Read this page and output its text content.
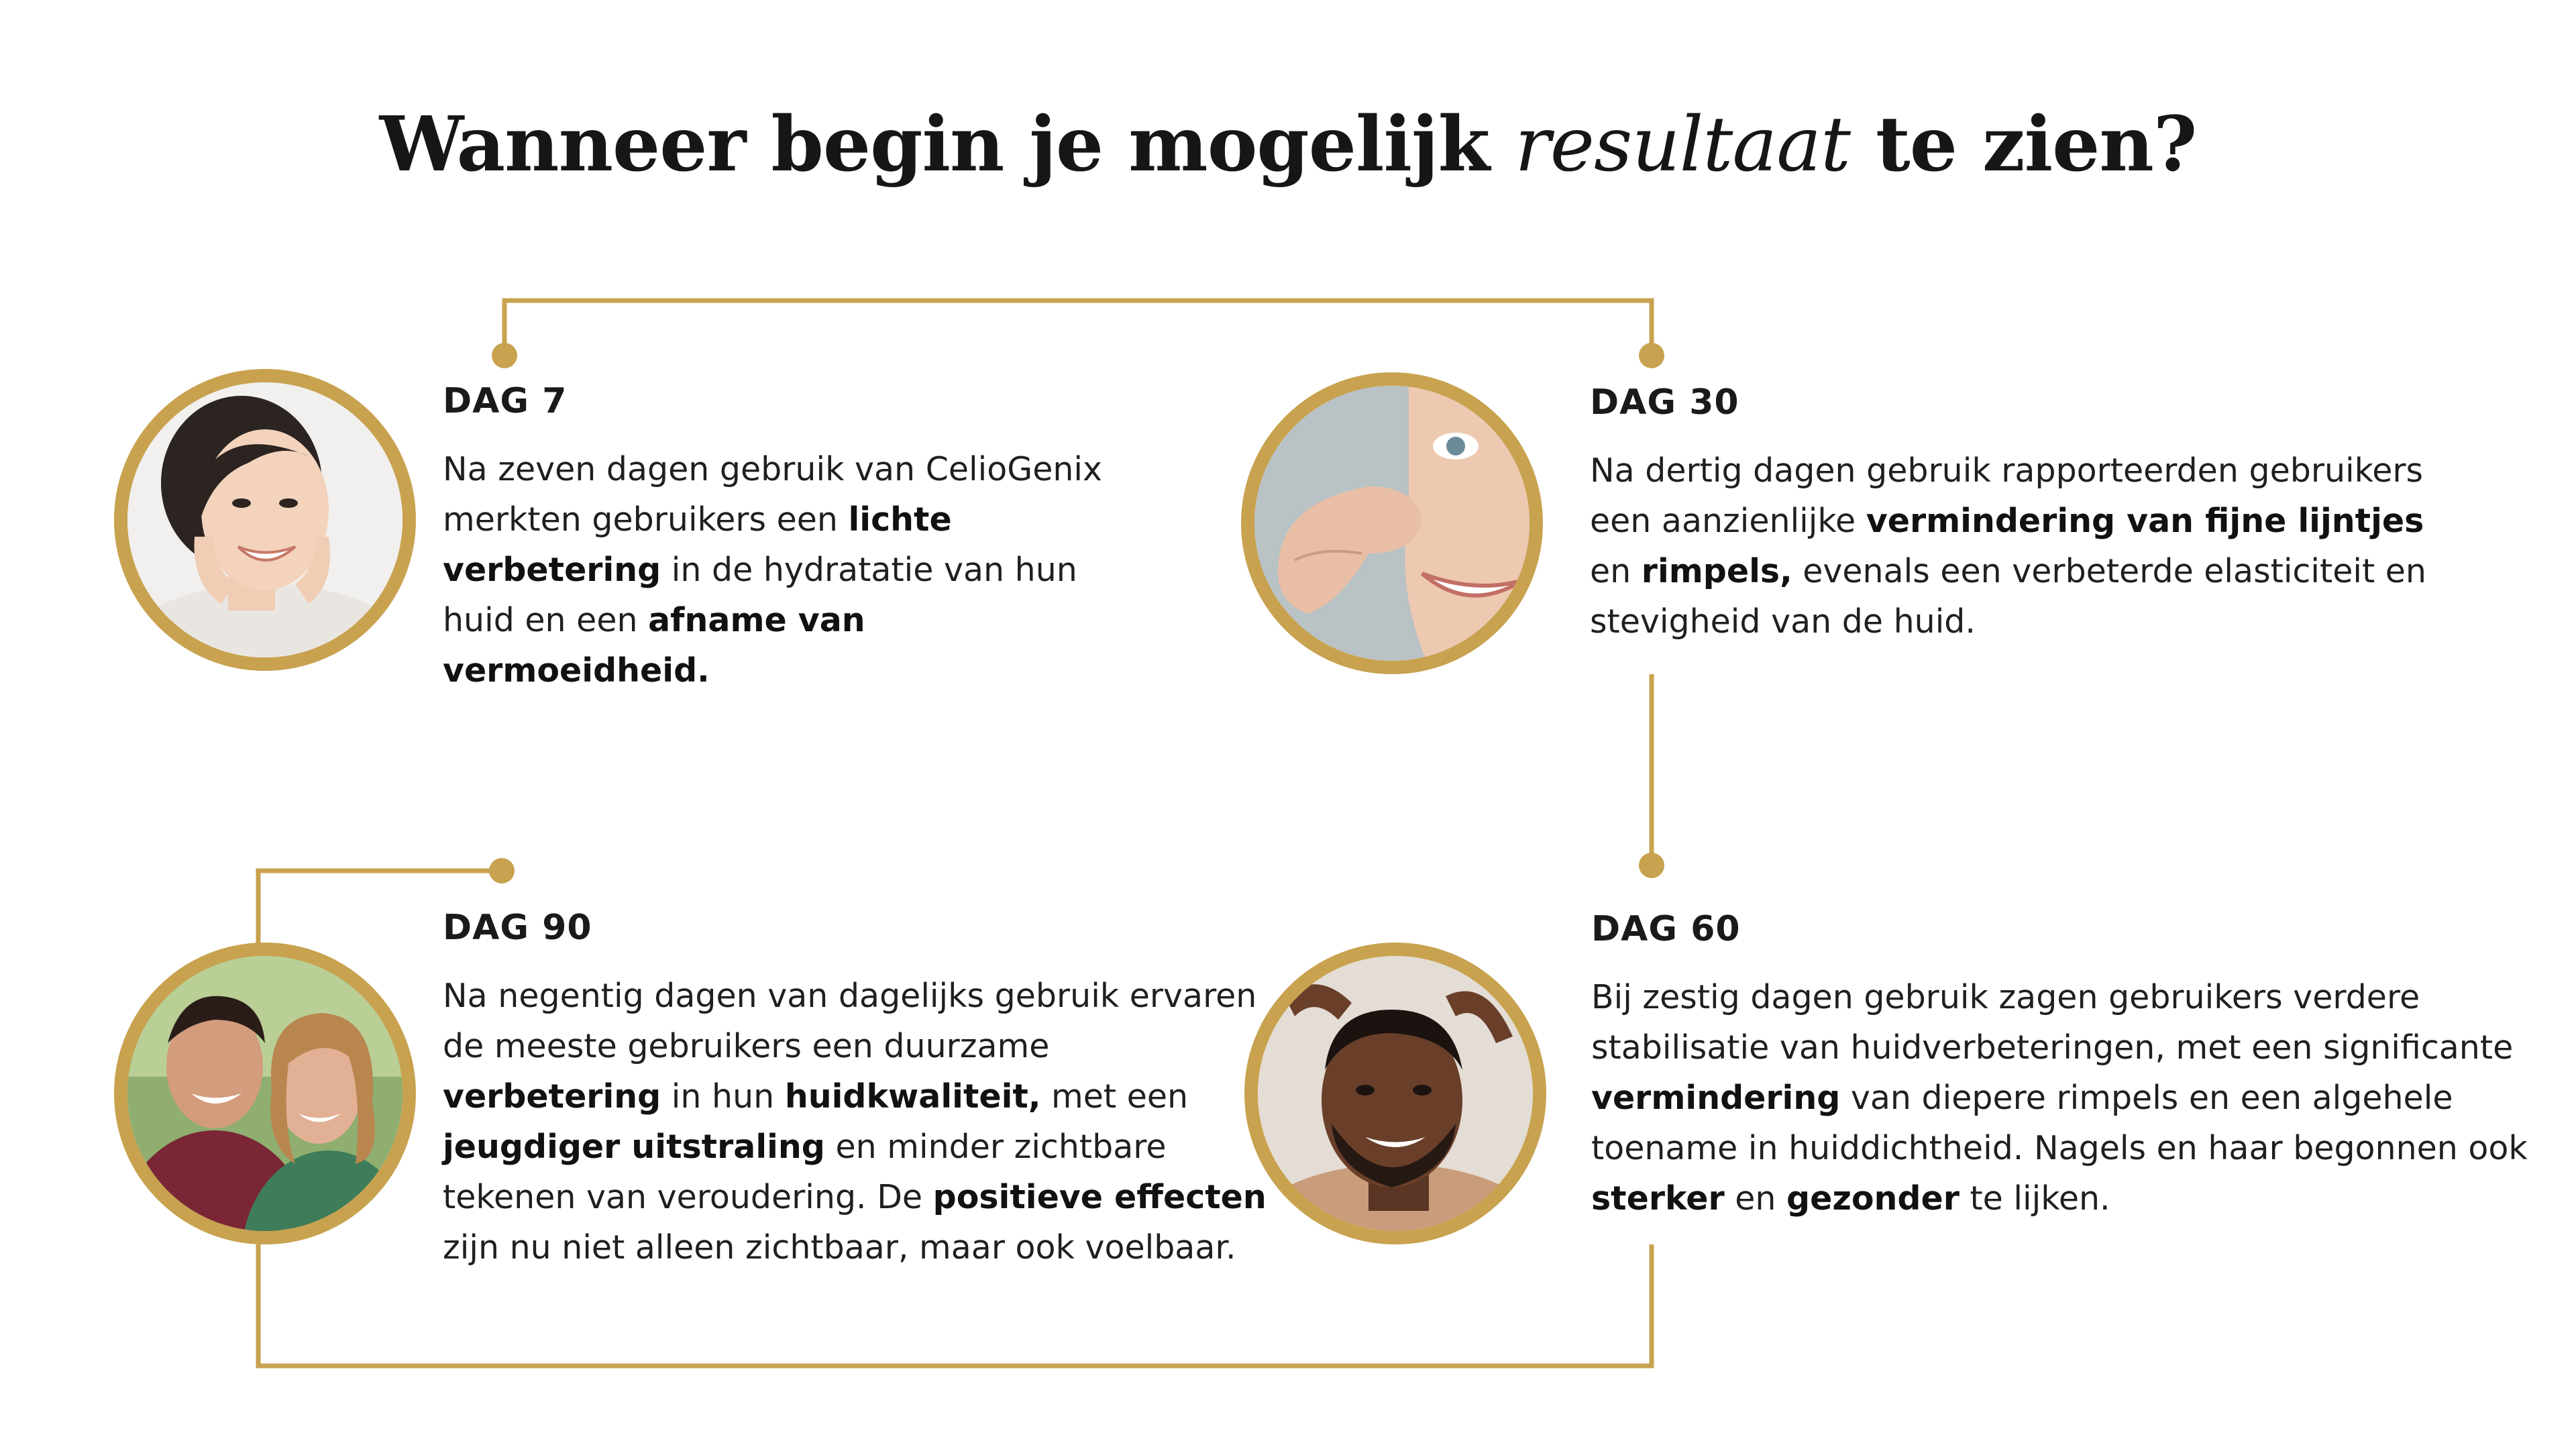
Wanneer begin je mogelijk resultaat te zien?
DAG 7

Na zeven dagen gebruik van CelioGenix merkten gebruikers een lichte verbetering in de hydratatie van hun huid en een afname van vermoeidheid.

DAG 30

Na dertig dagen gebruik rapporteerden gebruikers een aanzienlijke vermindering van fijne lijntjes en rimpels, evenals een verbeterde elasticiteit en stevigheid van de huid.

DAG 60

Bij zestig dagen gebruik zagen gebruikers verdere stabilisatie van huidverbeteringen, met een significante vermindering van diepere rimpels en een algehele toename in huiddichtheid. Nagels en haar begonnen ook sterker en gezonder te lijken.

DAG 90

Na negentig dagen van dagelijks gebruik ervaren de meeste gebruikers een duurzame verbetering in hun huidkwaliteit, met een jeugdiger uitstraling en minder zichtbare tekenen van veroudering. De positieve effecten zijn nu niet alleen zichtbaar, maar ook voelbaar.
